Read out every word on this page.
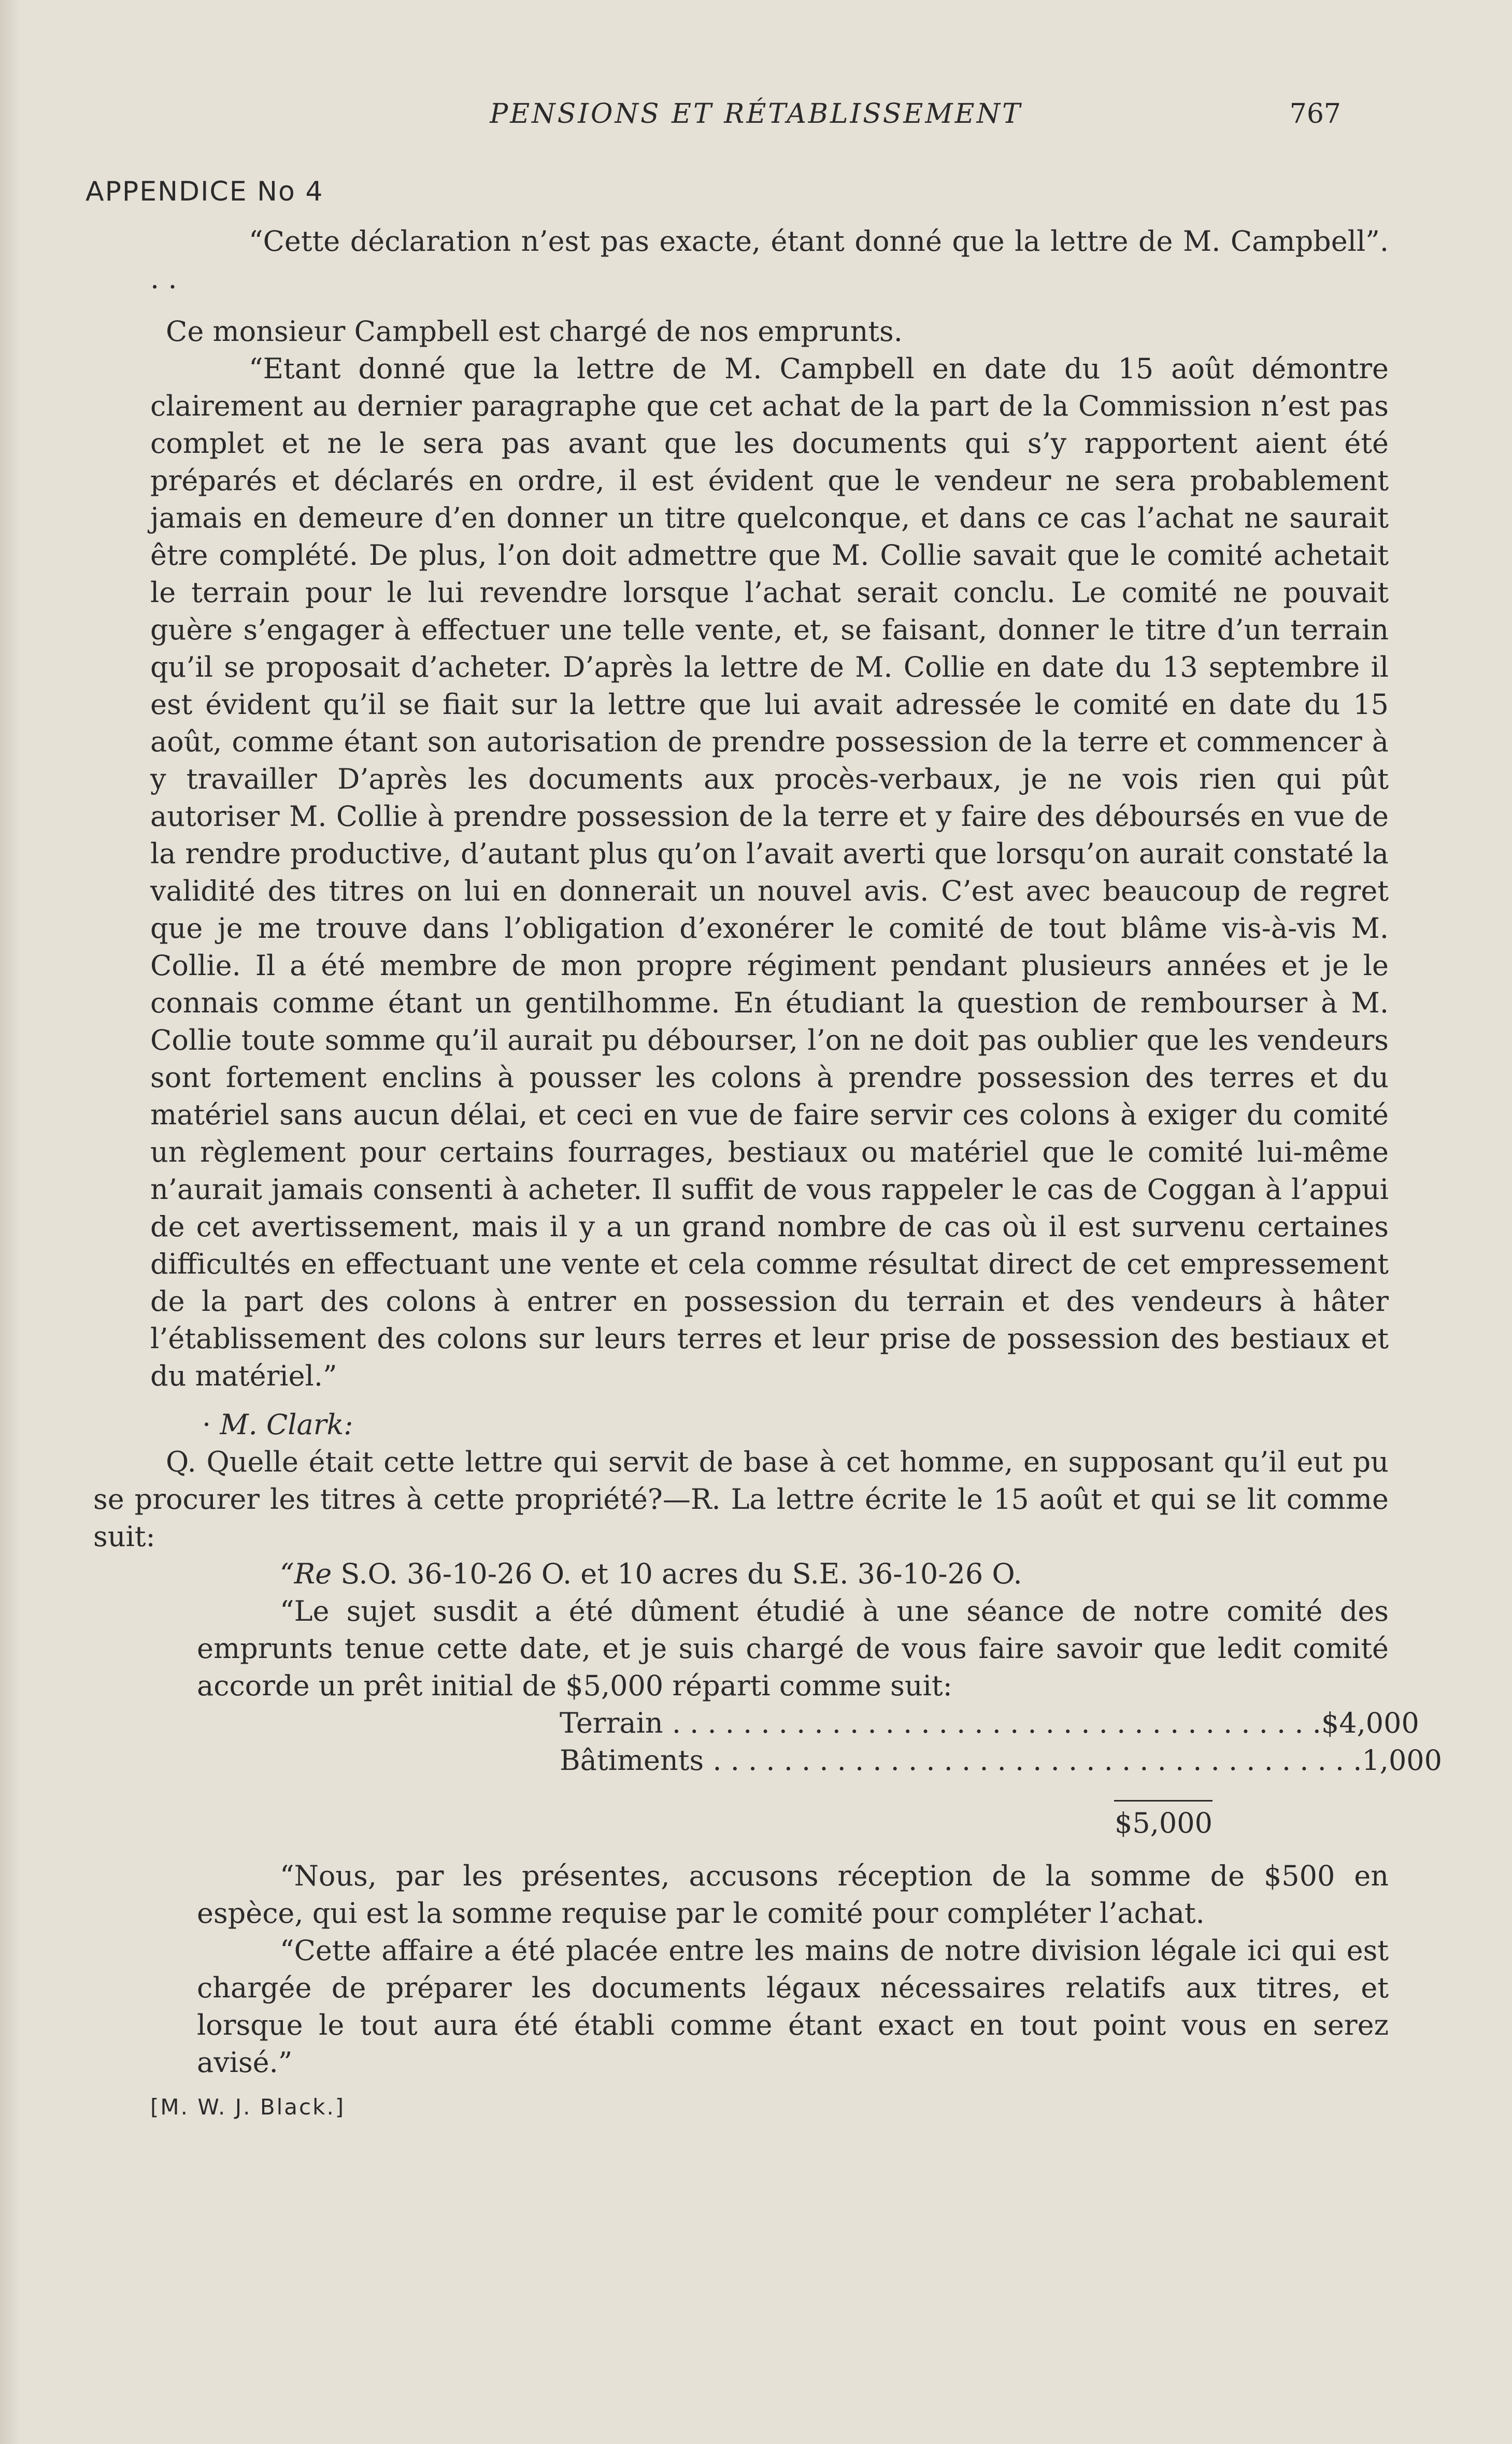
PENSIONS ET RÉTABLISSEMENT	767
APPENDICE No 4

“Cette déclaration n’est pas exacte, étant donné que la lettre de M. Campbell”. . .

Ce monsieur Campbell est chargé de nos emprunts.

“Etant donné que la lettre de M. Campbell en date du 15 août démontre clairement au dernier paragraphe que cet achat de la part de la Commission n’est pas complet et ne le sera pas avant que les documents qui s’y rapportent aient été préparés et déclarés en ordre, il est évident que le vendeur ne sera probablement jamais en demeure d’en donner un titre quelconque, et dans ce cas l’achat ne saurait être complété. De plus, l’on doit admettre que M. Collie savait que le comité achetait le terrain pour le lui revendre lorsque l’achat serait conclu. Le comité ne pouvait guère s’engager à effectuer une telle vente, et, se faisant, donner le titre d’un terrain qu’il se proposait d’acheter. D’après la lettre de M. Collie en date du 13 septembre il est évident qu’il se fiait sur la lettre que lui avait adressée le comité en date du 15 août, comme étant son autorisation de prendre possession de la terre et commencer à y travailler D’après les documents aux procès-verbaux, je ne vois rien qui pût autoriser M. Collie à prendre possession de la terre et y faire des déboursés en vue de la rendre productive, d’autant plus qu’on l’avait averti que lorsqu’on aurait constaté la validité des titres on lui en donnerait un nouvel avis. C’est avec beaucoup de regret que je me trouve dans l’obligation d’exonérer le comité de tout blâme vis-à-vis M. Collie. Il a été membre de mon propre régiment pendant plusieurs années et je le connais comme étant un gentilhomme. En étudiant la question de rembourser à M. Collie toute somme qu’il aurait pu débourser, l’on ne doit pas oublier que les vendeurs sont fortement enclins à pousser les colons à prendre possession des terres et du matériel sans aucun délai, et ceci en vue de faire servir ces colons à exiger du comité un règlement pour certains fourrages, bestiaux ou matériel que le comité lui-même n’aurait jamais consenti à acheter. Il suffit de vous rappeler le cas de Coggan à l’appui de cet avertissement, mais il y a un grand nombre de cas où il est survenu certaines difficultés en effectuant une vente et cela comme résultat direct de cet empressement de la part des colons à entrer en possession du terrain et des vendeurs à hâter l’établissement des colons sur leurs terres et leur prise de possession des bestiaux et du matériel.”

· M. Clark:

Q. Quelle était cette lettre qui servit de base à cet homme, en supposant qu’il eut pu se procurer les titres à cette propriété?—R. La lettre écrite le 15 août et qui se lit comme suit:

“Re S.O. 36-10-26 O. et 10 acres du S.E. 36-10-26 O.

“Le sujet susdit a été dûment étudié à une séance de notre comité des emprunts tenue cette date, et je suis chargé de vous faire savoir que ledit comité accorde un prêt initial de $5,000 réparti comme suit:

Terrain . . . . . . . . . . . . . . . . . . . . . . . . . . . . . . . . . . . . . $4,000
Bâtiments . . . . . . . . . . . . . . . . . . . . . . . . . . . . . . . . . . . . . 1,000
$5,000

“Nous, par les présentes, accusons réception de la somme de $500 en espèce, qui est la somme requise par le comité pour compléter l’achat.

“Cette affaire a été placée entre les mains de notre division légale ici qui est chargée de préparer les documents légaux nécessaires relatifs aux titres, et lorsque le tout aura été établi comme étant exact en tout point vous en serez avisé.”

[M. W. J. Black.]
